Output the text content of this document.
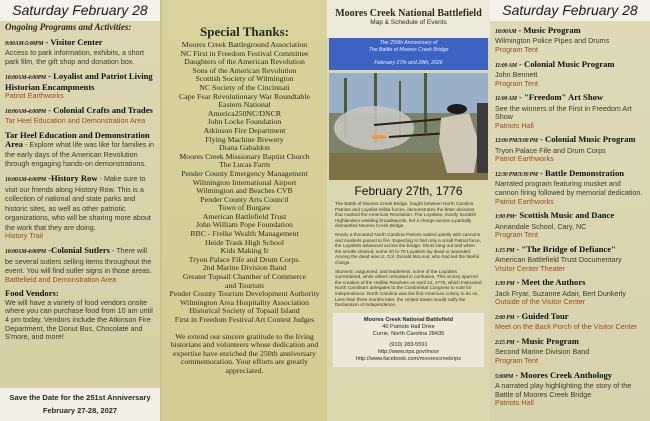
Saturday February 28
Ongoing Programs and Activities:
9:00AM-5:00PM - Visitor Center
Access to park information, exhibits, a short park film, the gift shop and donation box.
10:00AM-4:00PM - Loyalist and Patriot Living Historian Encampments
Patriot Earthworks
10:00AM-4:00PM - Colonial Crafts and Trades
Tar Heel Education and Demonstration Area
Tar Heel Education and Demonstration Area - Explore what life was like for families in the early days of the American Revolution through engaging hands-on demonstrations.
10:00AM-4:00PM -History Row - Make sure to visit our friends along History Row. This is a collection of national and state parks and historic sites, as well as other patriotic organizations, who will be sharing more about the work that they are doing.
History Trail
10:00AM-4:00PM -Colonial Sutlers - There will be several sutlers selling items throughout the event. You will find sutler signs in those areas.
Battlefield and Demonstration Area
Food Vendors:
We will have a variety of food vendors onsite where you can purchase food from 10 am until 4 pm today. Vendors include the Atkinson Fire Department, the Donut Bus, Chocolate and S'more, and more!
Save the Date for the 251st Anniversary
February 27-28, 2027
Special Thanks:
Moores Creek Battleground Association
NC First in Freedom Festival Committee
Daughters of the American Revolution
Sons of the American Revolution
Scottish Society of Wilmington
NC Society of the Cincinnati
Cape Fear Revolutionary War Roundtable
Eastern National
America250NC/DNCR
John Locke Foundation
Atkinson Fire Department
Flying Machine Brewery
Diana Gabaldon
Moores Creek Missionary Baptist Church
The Lucas Farm
Pender County Emergency Management
Wilmington International Airport
Wilmington and Beaches CVB
Pender County Arts Council
Town of Burgaw
American Battlefield Trust
John William Pope Foundation
RBC - Frelke Wealth Management
Heide Trask High School
Kids Making It
Tryon Palace Fife and Drum Corps.
2nd Marine Division Band
Greater Topsail Chamber of Commerce
and Tourism
Pender County Tourism Development Authority
Wilmington Area Hospitality Association
Historical Society of Topsail Island
First in Freedom Festival Art Contest Judges
We extend our sincere gratitude to the living historians and volunteers whose dedication and expertise have enriched the 250th anniversary commemoration. Your efforts are greatly appreciated.
Moores Creek National Battlefield
Map & Schedule of Events
The 250th Anniversary of
The Battle of Moores Creek Bridge
February 27th and 28th, 2026
February 27th, 1776

The Battle of Moores Creek Bridge, fought between North Carolina Patriots and Loyalist militia forces, demonstrates the bitter divisions that marked the American Revolution. The Loyalists, mostly Scottish Highlanders wielding broadswords, led a charge across a partially dismantled Moores Creek Bridge.

Nearly a thousand North Carolina Patriots waited quietly with cannons and muskets poised to fire. Expecting to find only a small Patriot force, the Loyalists advanced across the bridge. Shots rang out and when the smoke cleared, some 30 to 70 Loyalists lay dead or wounded. Among the dead was Lt. Col. Donald McLeod, who had led the fateful charge.

Stunned, outgunned, and leaderless, some of the Loyalists surrendered, while others retreated in confusion. This victory spurred the creation of the Halifax Resolves on April 12, 1776, which instructed North Carolina's delegates to the Continental Congress to vote for independence. North Carolina was the first American colony to do so. Less than three months later, the United States would ratify the Declaration of Independence.

Moores Creek National Battlefield
40 Patriots Hall Drive
Currie, North Carolina 28435
(910) 283-5591
http://www.nps.gov/moor
http://www.facebook.com/moorescreeknps
Saturday February 28
10:00AM - Music Program
Wilmington Police Pipes and Drums
Program Tent
11:00 AM - Colonial Music Program
John Bennett
Program Tent
11:00 AM - "Freedom" Art Show
See the winners of the First in Freedom Art Show
Patriots Hall
12:00 PM/3:00 PM - Colonial Music Program
Tryon Palace Fife and Drum Corps
Patriot Earthworks
12:30 PM/3:30 PM - Battle Demonstration
Narrated program featuring musket and cannon firing followed by memorial dedication.
Patriot Earthworks
1:00 PM- Scottish Music and Dance
Annandale School, Cary, NC
Program Tent
1:15 PM - "The Bridge of Defiance"
American Battlefield Trust Documentary
Visitor Center Theater
1:30 PM - Meet the Authors
Jack Fryar, Suzanne Adair, Bert Dunkerly
Outside of the Visitor Center
2:00 PM - Guided Tour
Meet on the Back Porch of the Visitor Center
2:15 PM - Music Program
Second Marine Division Band
Program Tent
5:00PM - Moores Creek Anthology
A narrated play highlighting the story of the Battle of Moores Creek Bridge
Patriots Hall
